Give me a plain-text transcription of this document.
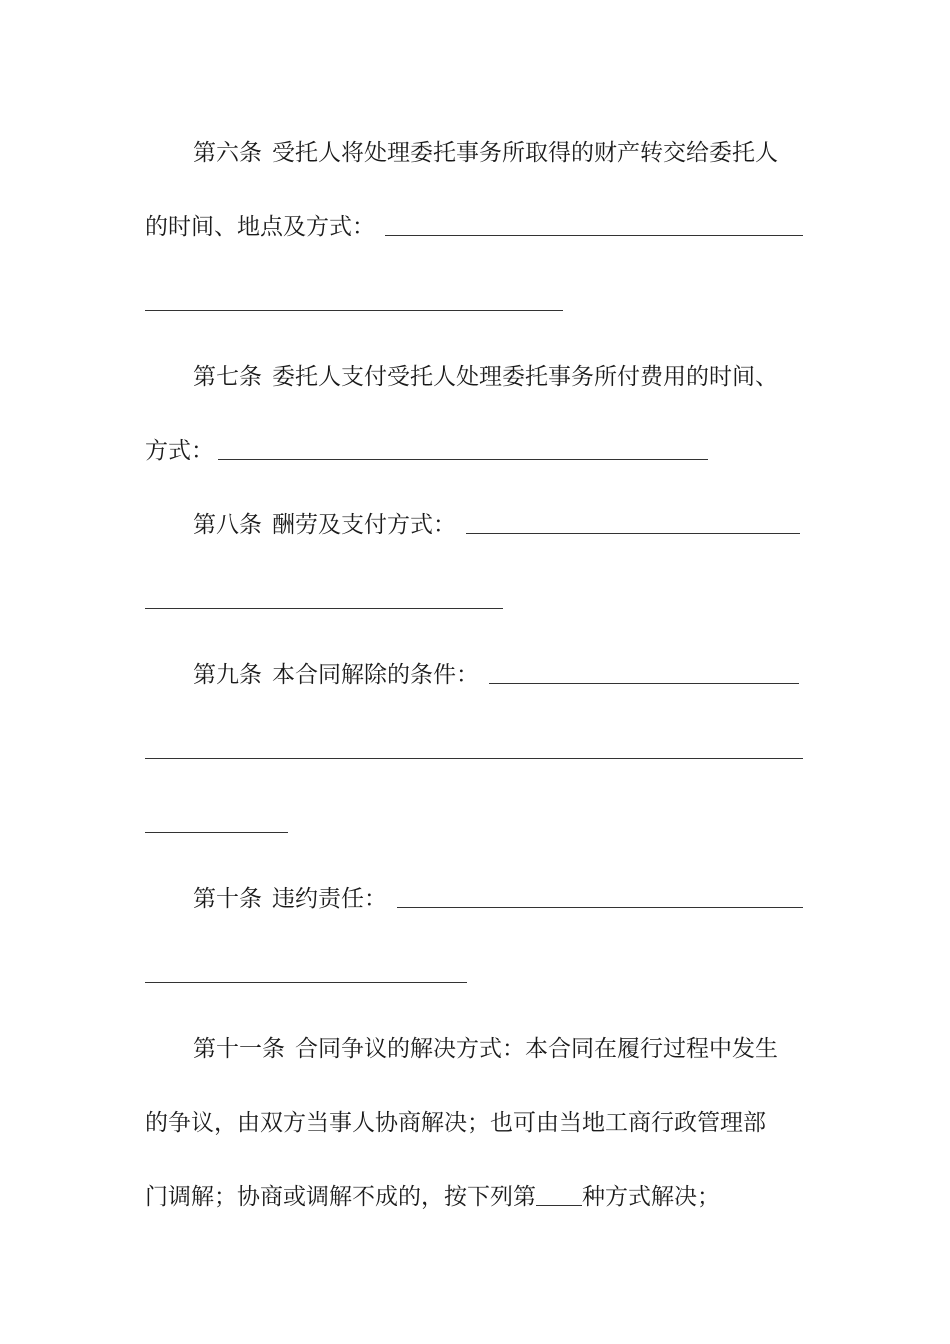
第六条 受托人将处理委托事务所取得的财产转交给委托人
的时间、地点及方式：
第七条 委托人支付受托人处理委托事务所付费用的时间、
方式：
第八条 酬劳及支付方式：
第九条 本合同解除的条件：
第十条 违约责任：
第十一条 合同争议的解决方式：本合同在履行过程中发生
的争议，由双方当事人协商解决；也可由当地工商行政管理部
门调解；协商或调解不成的，按下列第 种方式解决；
